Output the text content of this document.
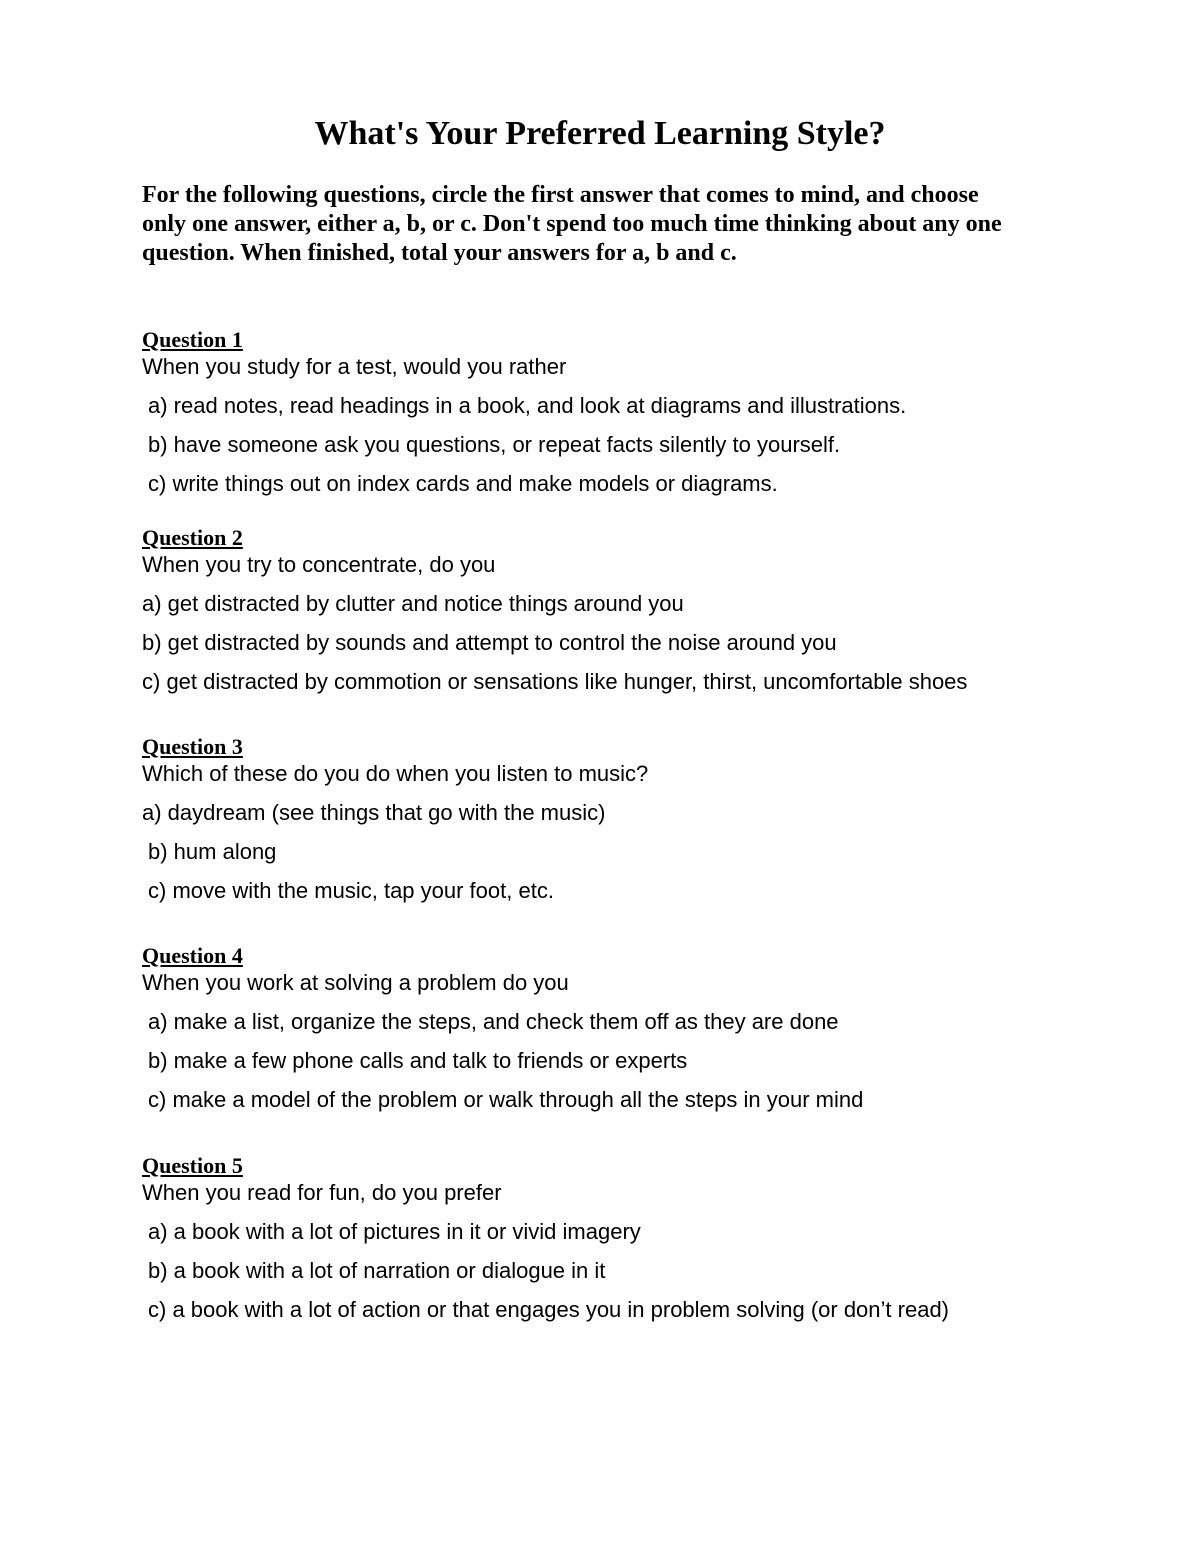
What's Your Preferred Learning Style?

For the following questions, circle the first answer that comes to mind, and choose
only one answer, either a, b, or c. Don't spend too much time thinking about any one
question. When finished, total your answers for a, b and c.

Question 1
When you study for a test, would you rather
a) read notes, read headings in a book, and look at diagrams and illustrations.
b) have someone ask you questions, or repeat facts silently to yourself.
c) write things out on index cards and make models or diagrams.
Question 2
When you try to concentrate, do you
a) get distracted by clutter and notice things around you
b) get distracted by sounds and attempt to control the noise around you
c) get distracted by commotion or sensations like hunger, thirst, uncomfortable shoes
Question 3
Which of these do you do when you listen to music?
a) daydream (see things that go with the music)
b) hum along
c) move with the music, tap your foot, etc.
Question 4
When you work at solving a problem do you
a) make a list, organize the steps, and check them off as they are done
b) make a few phone calls and talk to friends or experts
c) make a model of the problem or walk through all the steps in your mind
Question 5
When you read for fun, do you prefer
a) a book with a lot of pictures in it or vivid imagery
b) a book with a lot of narration or dialogue in it
c) a book with a lot of action or that engages you in problem solving (or don’t read)
